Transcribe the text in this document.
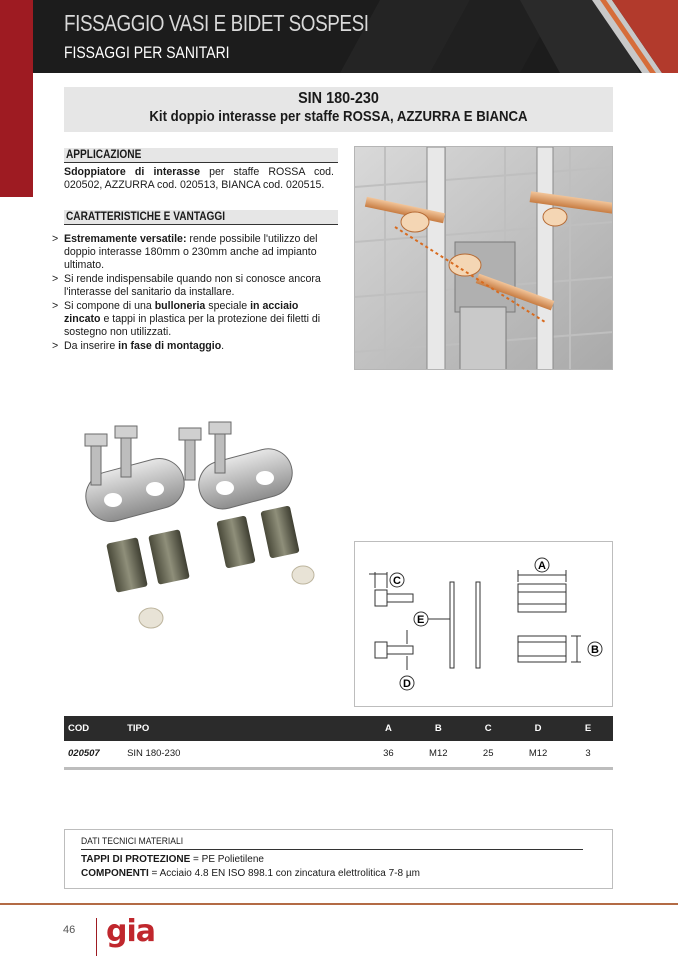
FISSAGGIO VASI E BIDET SOSPESI
FISSAGGI PER SANITARI
SIN 180-230
Kit doppio interasse per staffe ROSSA, AZZURRA E BIANCA
APPLICAZIONE
Sdoppiatore di interasse per staffe ROSSA cod. 020502, AZZURRA cod. 020513, BIANCA cod. 020515.
CARATTERISTICHE E VANTAGGI
> Estremamente versatile: rende possibile l'utilizzo del doppio interasse 180mm o 230mm anche ad impianto ultimato.
> Si rende indispensabile quando non si conosce ancora l'interasse del sanitario da installare.
> Si compone di una bulloneria speciale in acciaio zincato e tappi in plastica per la protezione dei filetti di sostegno non utilizzati.
> Da inserire in fase di montaggio.
C
D
E
A
B
COD	TIPO	A	B	C	D	E
020507	SIN 180-230	36	M12	25	M12	3
DATI TECNICI MATERIALI
TAPPI DI PROTEZIONE = PE Polietilene
COMPONENTI = Acciaio 4.8 EN ISO 898.1 con zincatura elettrolitica 7-8 µm
46 gia
